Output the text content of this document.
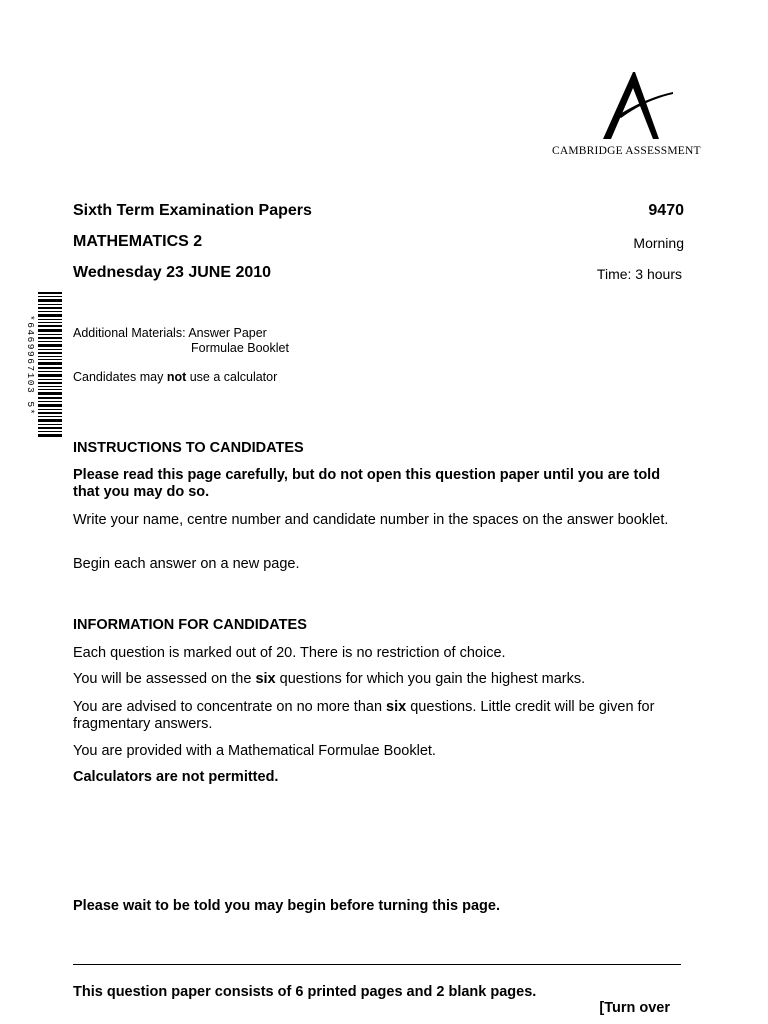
CAMBRIDGE ASSESSMENT
Sixth Term Examination Papers	9470
MATHEMATICS 2	Morning
Wednesday 23 JUNE 2010	Time: 3 hours
*6469967103 5*	Additional Materials: Answer Paper
Formulae Booklet
Candidates may not use a calculator
INSTRUCTIONS TO CANDIDATES
Please read this page carefully, but do not open this question paper until you are told that you may do so.
Write your name, centre number and candidate number in the spaces on the answer booklet.
Begin each answer on a new page.
INFORMATION FOR CANDIDATES
Each question is marked out of 20. There is no restriction of choice.
You will be assessed on the six questions for which you gain the highest marks.
You are advised to concentrate on no more than six questions. Little credit will be given for fragmentary answers.
You are provided with a Mathematical Formulae Booklet.
Calculators are not permitted.
Please wait to be told you may begin before turning this page.
This question paper consists of 6 printed pages and 2 blank pages.
[Turn over
